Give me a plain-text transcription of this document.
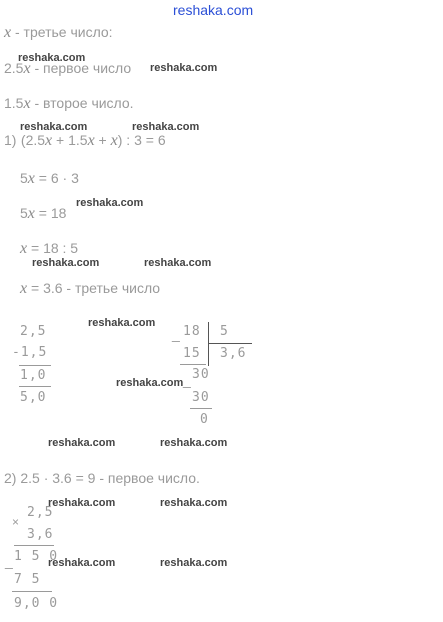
reshaka.com
x - третье число:
reshaka.com
2.5x - первое число reshaka.com
1.5x - второе число.
reshaka.com	reshaka.com
1) (2.5x + 1.5x + x) : 3 = 6
5x = 6 · 3
5x = 18
reshaka.com
x = 18 : 5
reshaka.com	reshaka.com
x = 3.6 - третье число
2,5
-1,5
1,0
5,0
reshaka.com
reshaka.com
_ 18 5
15 3,6
_ 30
30
0
reshaka.com	reshaka.com
2) 2.5 · 3.6 = 9 - первое число.
reshaka.com	reshaka.com
×
2,5
3,6
_ 1 5 0
7 5
9,0 0
reshaka.com	reshaka.com
